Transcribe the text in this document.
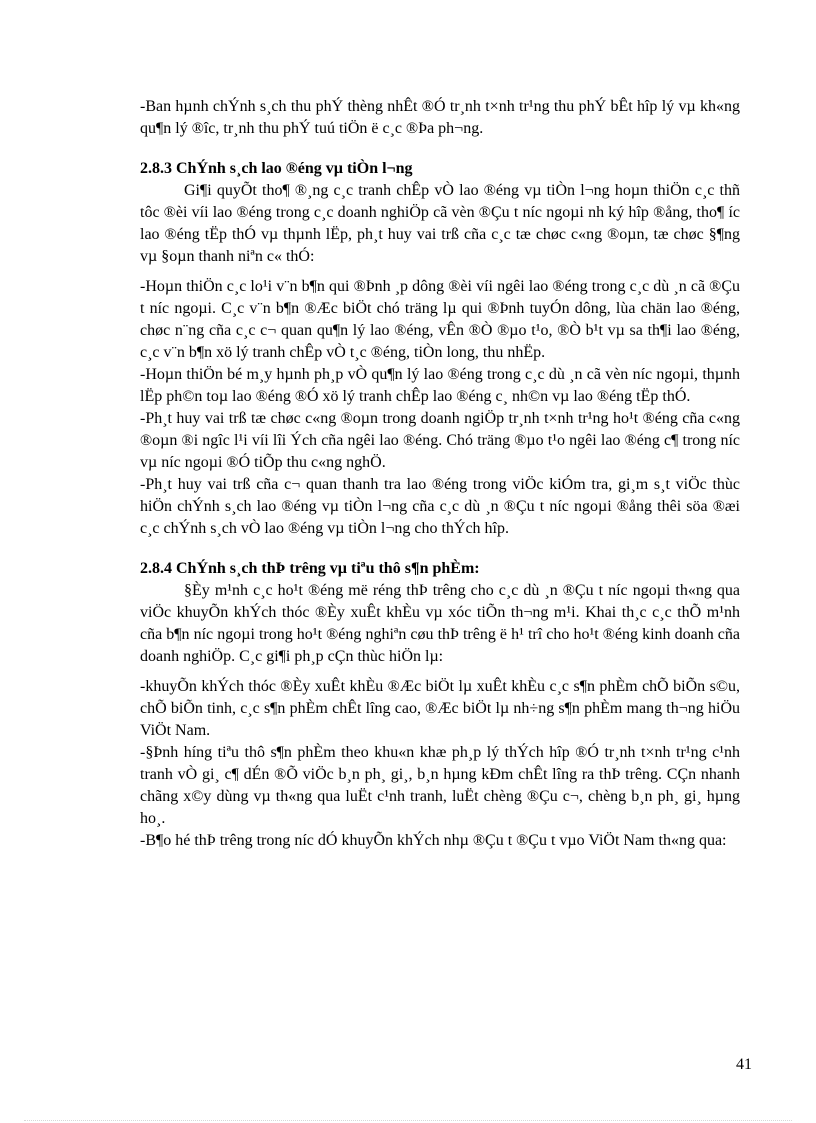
-Ban hµnh chÝnh s¸ch thu phÝ thèng nhÊt ®Ó tr¸nh t×nh tr¹ng thu phÝ bÊt hîp lý vµ kh«ng qu¶n lý ®îc, tr¸nh thu phÝ tuú tiÖn ë c¸c ®Þa ph¬ng.

2.8.3 ChÝnh s¸ch lao ®éng vµ tiÒn l¬ng

Gi¶i quyÕt tho¶ ®¸ng c¸c tranh chÊp vÒ lao ®éng vµ tiÒn l¬ng hoµn thiÖn c¸c thñ tôc ®èi víi lao ®éng trong c¸c doanh nghiÖp cã vèn ®Çu t níc ngoµi nh ký hîp ®ång, tho¶ íc lao ®éng tËp thÓ vµ thµnh lËp, ph¸t huy vai trß cña c¸c tæ chøc c«ng ®oµn, tæ chøc §¶ng vµ §oµn thanh niªn c« thÓ:

-Hoµn thiÖn c¸c lo¹i v¨n b¶n qui ®Þnh ¸p dông ®èi víi ngêi lao ®éng trong c¸c dù ¸n cã ®Çu t níc ngoµi. C¸c v¨n b¶n ®Æc biÖt chó träng lµ qui ®Þnh tuyÓn dông, lùa chän lao ®éng, chøc n¨ng cña c¸c c¬ quan qu¶n lý lao ®éng, vÊn ®Ò ®µo t¹o, ®Ò b¹t vµ sa th¶i lao ®éng, c¸c v¨n b¶n xö lý tranh chÊp vÒ t¸c ®éng, tiÒn long, thu nhËp.

-Hoµn thiÖn bé m¸y hµnh ph¸p vÒ qu¶n lý lao ®éng trong c¸c dù ¸n cã vèn níc ngoµi, thµnh lËp ph©n toµ lao ®éng ®Ó xö lý tranh chÊp lao ®éng c¸ nh©n vµ lao ®éng tËp thÓ.

-Ph¸t huy vai trß tæ chøc c«ng ®oµn trong doanh ngiÖp tr¸nh t×nh tr¹ng ho¹t ®éng cña c«ng ®oµn ®i ngîc l¹i víi lîi Ých cña ngêi lao ®éng. Chó träng ®µo t¹o ngêi lao ®éng c¶ trong níc vµ níc ngoµi ®Ó tiÕp thu c«ng nghÖ.

-Ph¸t huy vai trß cña c¬ quan thanh tra lao ®éng trong viÖc kiÓm tra, gi¸m s¸t viÖc thùc hiÖn chÝnh s¸ch lao ®éng vµ tiÒn l¬ng cña c¸c dù ¸n ®Çu t níc ngoµi ®ång thêi söa ®æi c¸c chÝnh s¸ch vÒ lao ®éng vµ tiÒn l¬ng cho thÝch hîp.

2.8.4 ChÝnh s¸ch thÞ trêng vµ tiªu thô s¶n phÈm:

§Èy m¹nh c¸c ho¹t ®éng më réng thÞ trêng cho c¸c dù ¸n ®Çu t níc ngoµi th«ng qua viÖc khuyÕn khÝch thóc ®Èy xuÊt khÈu vµ xóc tiÕn th¬ng m¹i. Khai th¸c c¸c thÕ m¹nh cña b¶n níc ngoµi trong ho¹t ®éng nghiªn cøu thÞ trêng ë h¹ trî cho ho¹t ®éng kinh doanh cña doanh nghiÖp. C¸c gi¶i ph¸p cÇn thùc hiÖn lµ:

-khuyÕn khÝch thóc ®Èy xuÊt khÈu ®Æc biÖt lµ xuÊt khÈu c¸c s¶n phÈm chÕ biÕn s©u, chÕ biÕn tinh, c¸c s¶n phÈm chÊt lîng cao, ®Æc biÖt lµ nh÷ng s¶n phÈm mang th¬ng hiÖu ViÖt Nam.

-§Þnh híng tiªu thô s¶n phÈm theo khu«n khæ ph¸p lý thÝch hîp ®Ó tr¸nh t×nh tr¹ng c¹nh tranh vÒ gi¸ c¶ dÉn ®Õ viÖc b¸n ph¸ gi¸, b¸n hµng kÐm chÊt lîng ra thÞ trêng. CÇn nhanh chãng x©y dùng vµ th«ng qua luËt c¹nh tranh, luËt chèng ®Çu c¬, chèng b¸n ph¸ gi¸ hµng ho¸.

-B¶o hé thÞ trêng trong níc dÓ khuyÕn khÝch nhµ ®Çu t ®Çu t vµo ViÖt Nam th«ng qua:

41
